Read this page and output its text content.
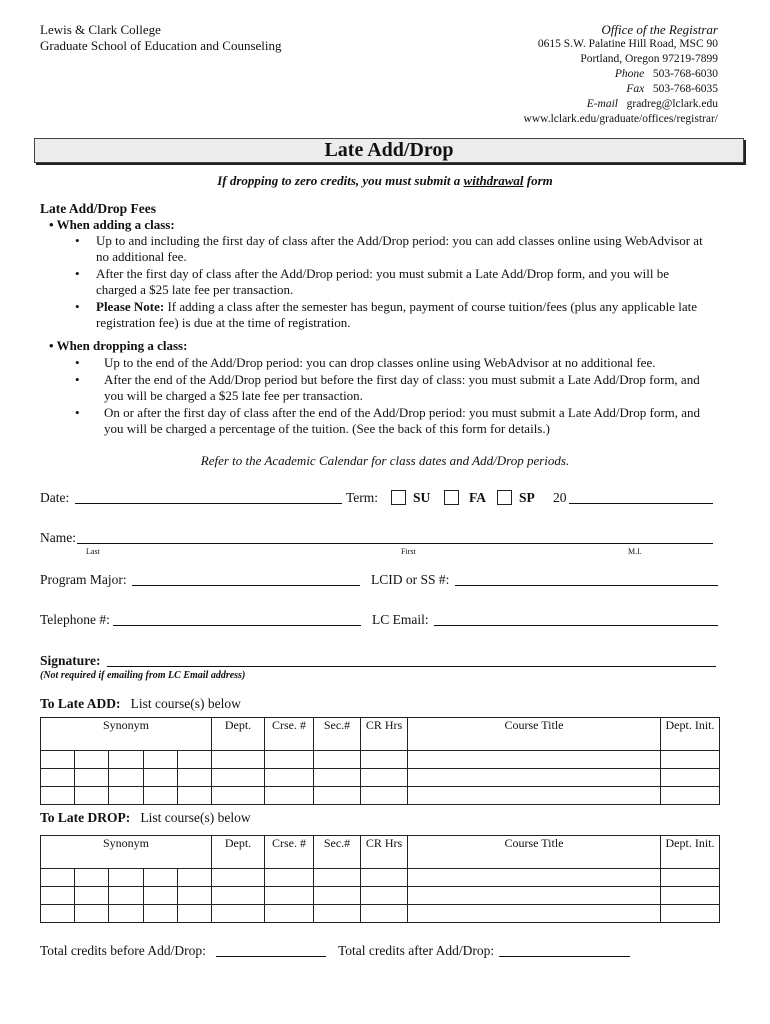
Lewis & Clark College
Graduate School of Education and Counseling
Office of the Registrar
0615 S.W. Palatine Hill Road, MSC 90
Portland, Oregon 97219-7899
Phone 503-768-6030
Fax 503-768-6035
E-mail gradreg@lclark.edu
www.lclark.edu/graduate/offices/registrar/
Late Add/Drop
If dropping to zero credits, you must submit a withdrawal form
Late Add/Drop Fees
• When adding a class:
• Up to and including the first day of class after the Add/Drop period: you can add classes online using WebAdvisor at
no additional fee.
• After the first day of class after the Add/Drop period: you must submit a Late Add/Drop form, and you will be
charged a $25 late fee per transaction.
• Please Note: If adding a class after the semester has begun, payment of course tuition/fees (plus any applicable late
registration fee) is due at the time of registration.
• When dropping a class:
• Up to the end of the Add/Drop period: you can drop classes online using WebAdvisor at no additional fee.
• After the end of the Add/Drop period but before the first day of class: you must submit a Late Add/Drop form, and
you will be charged a $25 late fee per transaction.
• On or after the first day of class after the end of the Add/Drop period: you must submit a Late Add/Drop form, and
you will be charged a percentage of the tuition. (See the back of this form for details.)
Refer to the Academic Calendar for class dates and Add/Drop periods.
Date:	Term:	SU	FA SP 20
Name:
Last	First	M.I.
Program Major:	LCID or SS #:
Telephone #:	LC Email:
Signature:
(Not required if emailing from LC Email address)
To Late ADD: List course(s) below
Synonym					Dept.	Crse. #	Sec.#	CR Hrs	Course Title	Dept. Init.

To Late DROP: List course(s) below
Synonym					Dept.	Crse. #	Sec.#	CR Hrs	Course Title	Dept. Init.

Total credits before Add/Drop:	Total credits after Add/Drop:
